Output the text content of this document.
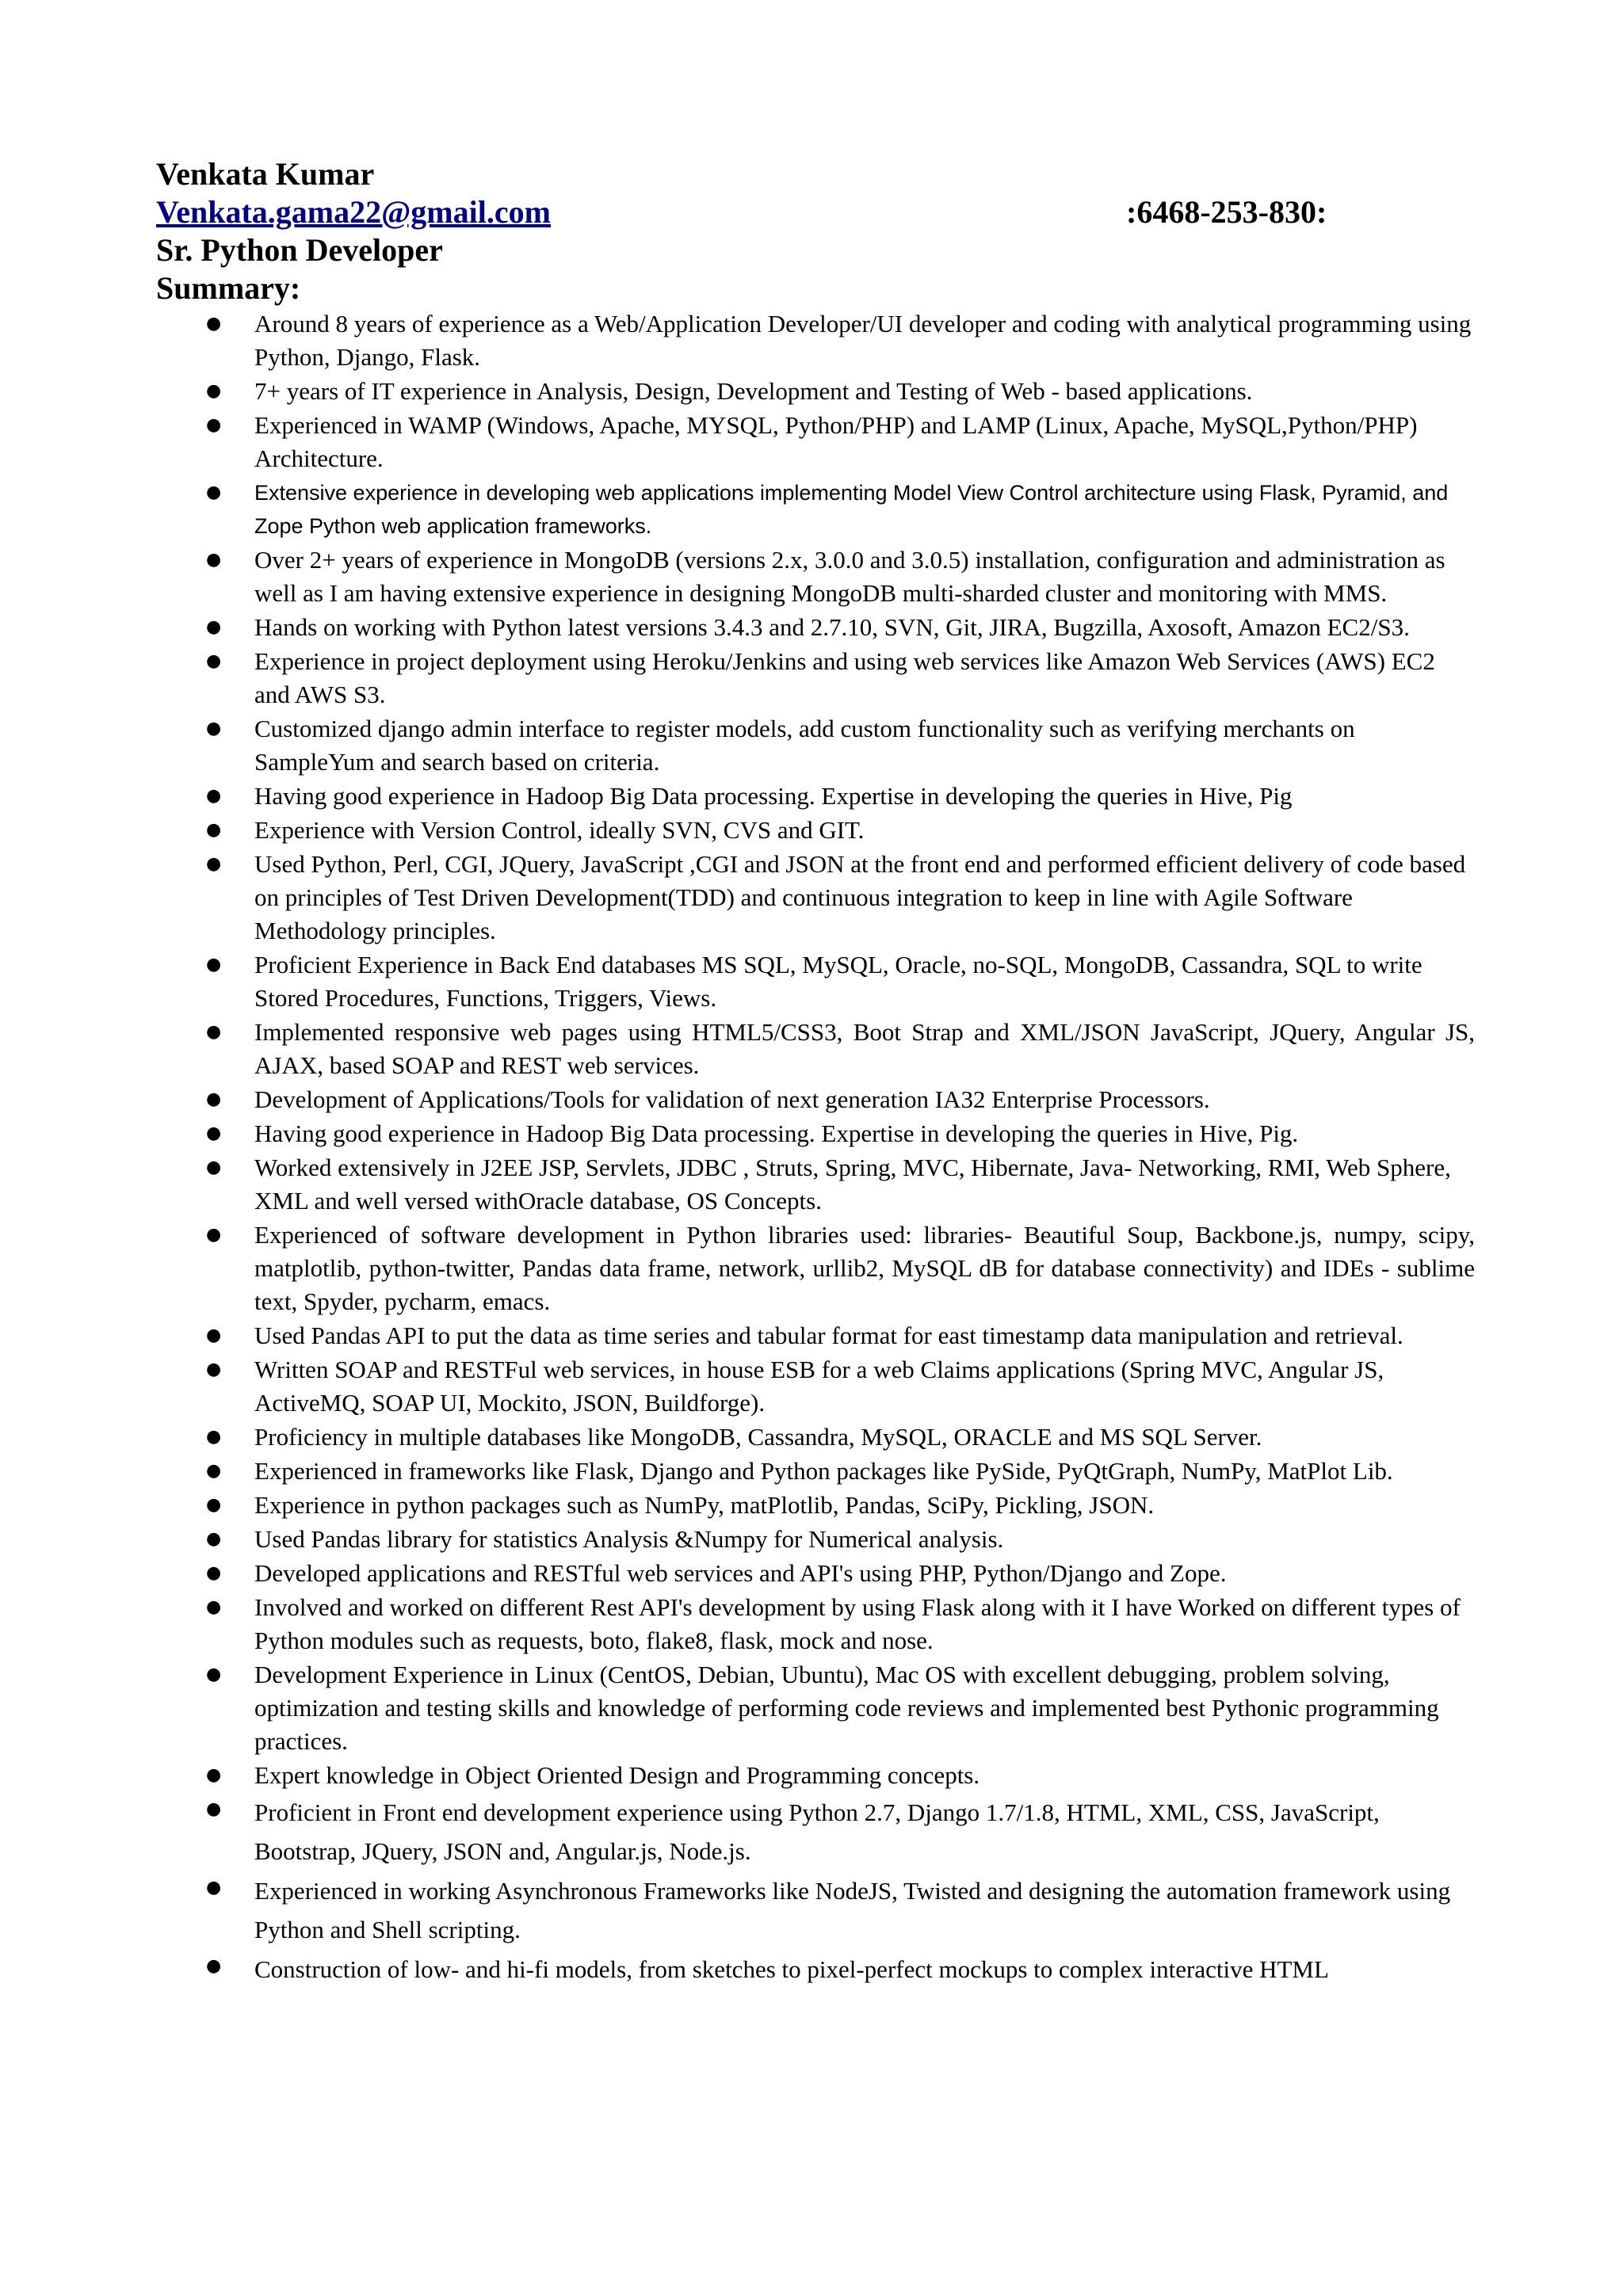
Venkata Kumar
Venkata.gama22@gmail.com	:6468-253-830:
Sr. Python Developer
Summary:
● Around 8 years of experience as a Web/Application Developer/UI developer and coding with analytical programming using Python, Django, Flask.
● 7+ years of IT experience in Analysis, Design, Development and Testing of Web - based applications.
● Experienced in WAMP (Windows, Apache, MYSQL, Python/PHP) and LAMP (Linux, Apache, MySQL,Python/PHP) Architecture.
● Extensive experience in developing web applications implementing Model View Control architecture using Flask, Pyramid, and Zope Python web application frameworks.
● Over 2+ years of experience in MongoDB (versions 2.x, 3.0.0 and 3.0.5) installation, configuration and administration as well as I am having extensive experience in designing MongoDB multi-sharded cluster and monitoring with MMS.
● Hands on working with Python latest versions 3.4.3 and 2.7.10, SVN, Git, JIRA, Bugzilla, Axosoft, Amazon EC2/S3.
● Experience in project deployment using Heroku/Jenkins and using web services like Amazon Web Services (AWS) EC2 and AWS S3.
● Customized django admin interface to register models, add custom functionality such as verifying merchants on SampleYum and search based on criteria.
● Having good experience in Hadoop Big Data processing. Expertise in developing the queries in Hive, Pig
● Experience with Version Control, ideally SVN, CVS and GIT.
● Used Python, Perl, CGI, JQuery, JavaScript ,CGI and JSON at the front end and performed efficient delivery of code based on principles of Test Driven Development(TDD) and continuous integration to keep in line with Agile Software Methodology principles.
● Proficient Experience in Back End databases MS SQL, MySQL, Oracle, no-SQL, MongoDB, Cassandra, SQL to write Stored Procedures, Functions, Triggers, Views.
● Implemented responsive web pages using HTML5/CSS3, Boot Strap and XML/JSON JavaScript, JQuery, Angular JS, AJAX, based SOAP and REST web services.
● Development of Applications/Tools for validation of next generation IA32 Enterprise Processors.
● Having good experience in Hadoop Big Data processing. Expertise in developing the queries in Hive, Pig.
● Worked extensively in J2EE JSP, Servlets, JDBC , Struts, Spring, MVC, Hibernate, Java- Networking, RMI, Web Sphere, XML and well versed withOracle database, OS Concepts.
● Experienced of software development in Python libraries used: libraries- Beautiful Soup, Backbone.js, numpy, scipy, matplotlib, python-twitter, Pandas data frame, network, urllib2, MySQL dB for database connectivity) and IDEs - sublime text, Spyder, pycharm, emacs.
● Used Pandas API to put the data as time series and tabular format for east timestamp data manipulation and retrieval.
● Written SOAP and RESTFul web services, in house ESB for a web Claims applications (Spring MVC, Angular JS, ActiveMQ, SOAP UI, Mockito, JSON, Buildforge).
● Proficiency in multiple databases like MongoDB, Cassandra, MySQL, ORACLE and MS SQL Server.
● Experienced in frameworks like Flask, Django and Python packages like PySide, PyQtGraph, NumPy, MatPlot Lib.
● Experience in python packages such as NumPy, matPlotlib, Pandas, SciPy, Pickling, JSON.
● Used Pandas library for statistics Analysis &Numpy for Numerical analysis.
● Developed applications and RESTful web services and API's using PHP, Python/Django and Zope.
● Involved and worked on different Rest API's development by using Flask along with it I have Worked on different types of Python modules such as requests, boto, flake8, flask, mock and nose.
● Development Experience in Linux (CentOS, Debian, Ubuntu), Mac OS with excellent debugging, problem solving, optimization and testing skills and knowledge of performing code reviews and implemented best Pythonic programming practices.
● Expert knowledge in Object Oriented Design and Programming concepts.
● Proficient in Front end development experience using Python 2.7, Django 1.7/1.8, HTML, XML, CSS, JavaScript, Bootstrap, JQuery, JSON and, Angular.js, Node.js.
● Experienced in working Asynchronous Frameworks like NodeJS, Twisted and designing the automation framework using Python and Shell scripting.
● Construction of low- and hi-fi models, from sketches to pixel-perfect mockups to complex interactive HTML
